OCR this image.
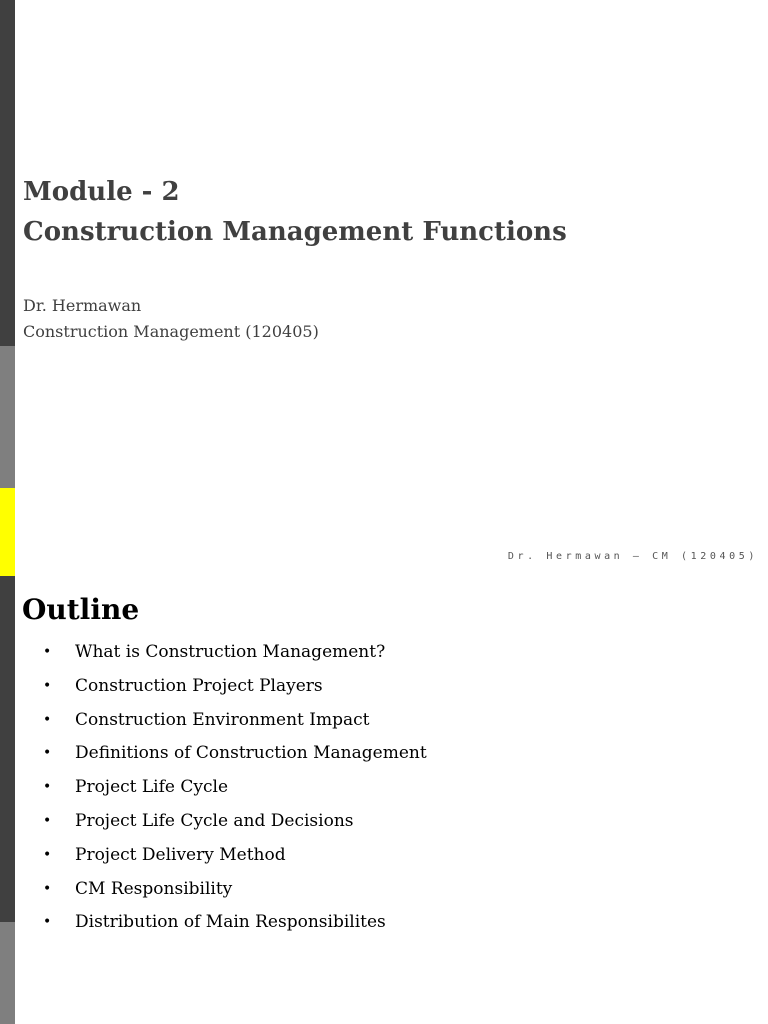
Module - 2
Construction Management Functions
Dr. Hermawan
Construction Management (120405)
Dr. Hermawan – CM (120405)
Outline
• What is Construction Management?
• Construction Project Players
• Construction Environment Impact
• Definitions of Construction Management
• Project Life Cycle
• Project Life Cycle and Decisions
• Project Delivery Method
• CM Responsibility
• Distribution of Main Responsibilites
